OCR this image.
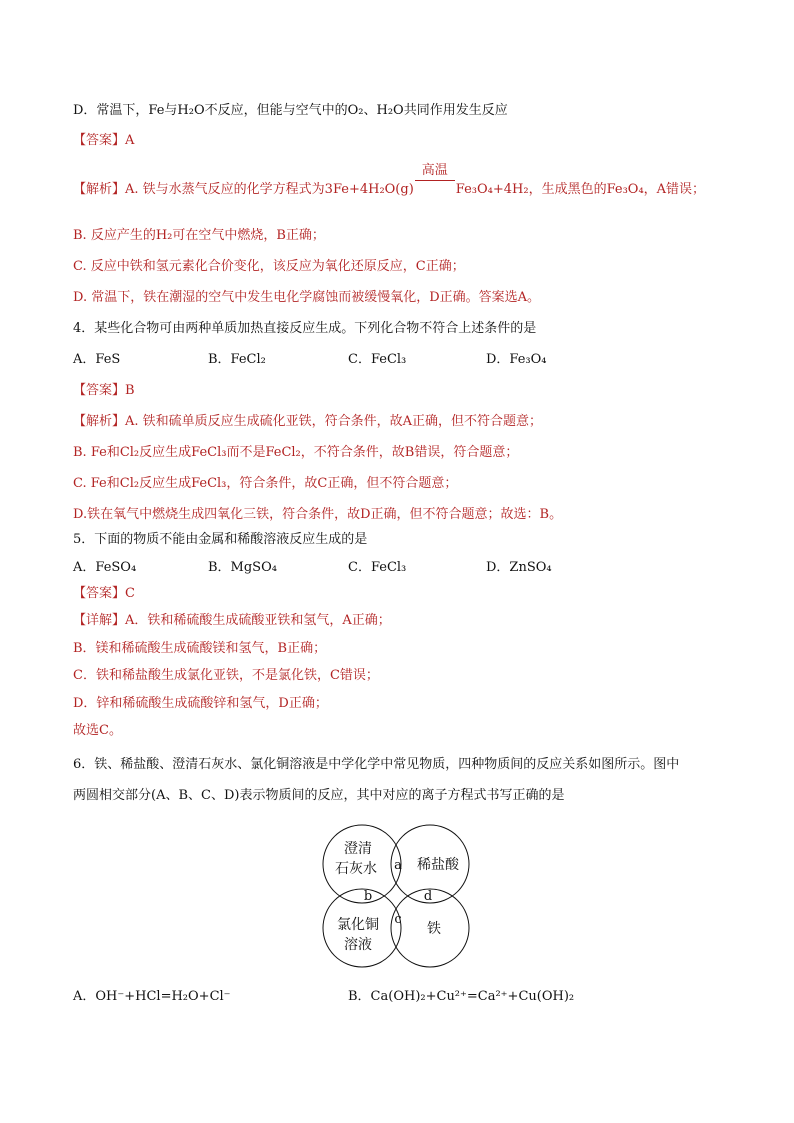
D．常温下，Fe与H₂O不反应，但能与空气中的O₂、H₂O共同作用发生反应
【答案】A
【解析】A. 铁与水蒸气反应的化学方程式为3Fe+4H₂O(g)
高温
Fe₃O₄+4H₂，生成黑色的Fe₃O₄，A错误；
B. 反应产生的H₂可在空气中燃烧，B正确；
C. 反应中铁和氢元素化合价变化，该反应为氧化还原反应，C正确；
D. 常温下，铁在潮湿的空气中发生电化学腐蚀而被缓慢氧化，D正确。答案选A。
4．某些化合物可由两种单质加热直接反应生成。下列化合物不符合上述条件的是
A．FeS	B．FeCl₂	C．FeCl₃	D．Fe₃O₄
【答案】B
【解析】A. 铁和硫单质反应生成硫化亚铁，符合条件，故A正确，但不符合题意；
B. Fe和Cl₂反应生成FeCl₃而不是FeCl₂，不符合条件，故B错误，符合题意；
C. Fe和Cl₂反应生成FeCl₃，符合条件，故C正确，但不符合题意；
D.铁在氧气中燃烧生成四氧化三铁，符合条件，故D正确，但不符合题意；故选：B。
5．下面的物质不能由金属和稀酸溶液反应生成的是
A．FeSO₄	B．MgSO₄	C．FeCl₃	D．ZnSO₄
【答案】C
【详解】A．铁和稀硫酸生成硫酸亚铁和氢气，A正确；
B．镁和稀硫酸生成硫酸镁和氢气，B正确；
C．铁和稀盐酸生成氯化亚铁，不是氯化铁，C错误；
D．锌和稀硫酸生成硫酸锌和氢气，D正确；
故选C。
6．铁、稀盐酸、澄清石灰水、氯化铜溶液是中学化学中常见物质，四种物质间的反应关系如图所示。图中
两圆相交部分(A、B、C、D)表示物质间的反应，其中对应的离子方程式书写正确的是
澄清
石灰水	稀盐酸
氯化铜
溶液
铁
a
b
c
d
A．OH⁻+HCl=H₂O+Cl⁻	B．Ca(OH)₂+Cu²⁺=Ca²⁺+Cu(OH)₂
